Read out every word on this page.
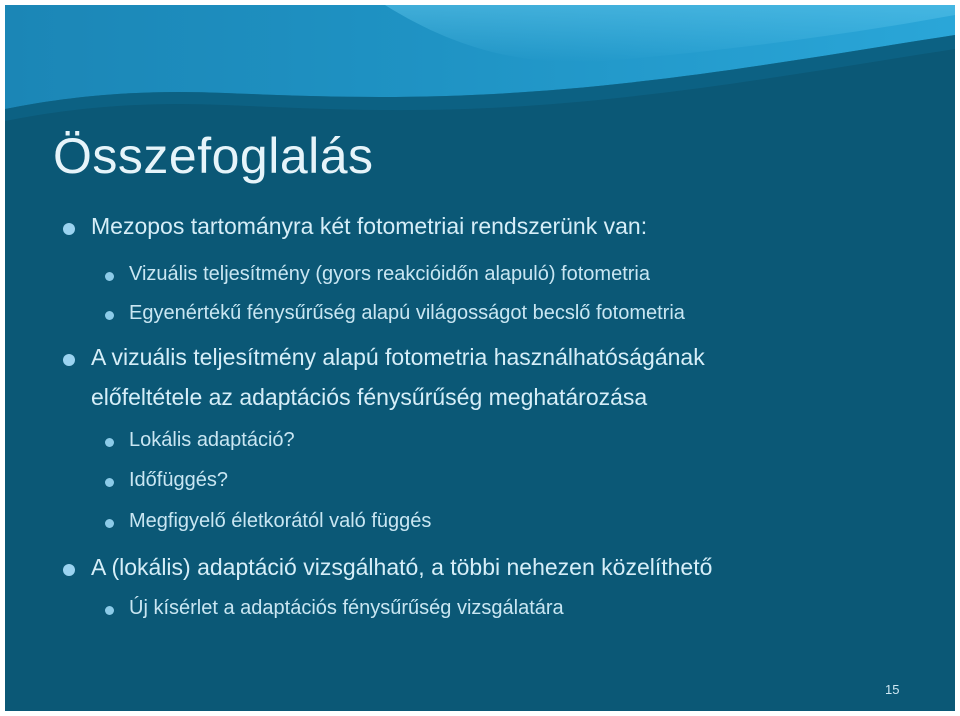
Összefoglalás

Mezopos tartományra két fotometriai rendszerünk van:

Vizuális teljesítmény (gyors reakcióidőn alapuló) fotometria

Egyenértékű fénysűrűség alapú világosságot becslő fotometria

A vizuális teljesítmény alapú fotometria használhatóságának

előfeltétele az adaptációs fénysűrűség meghatározása

Lokális adaptáció?

Időfüggés?

Megfigyelő életkorától való függés

A (lokális) adaptáció vizsgálható, a többi nehezen közelíthető

Új kísérlet a adaptációs fénysűrűség vizsgálatára

15
